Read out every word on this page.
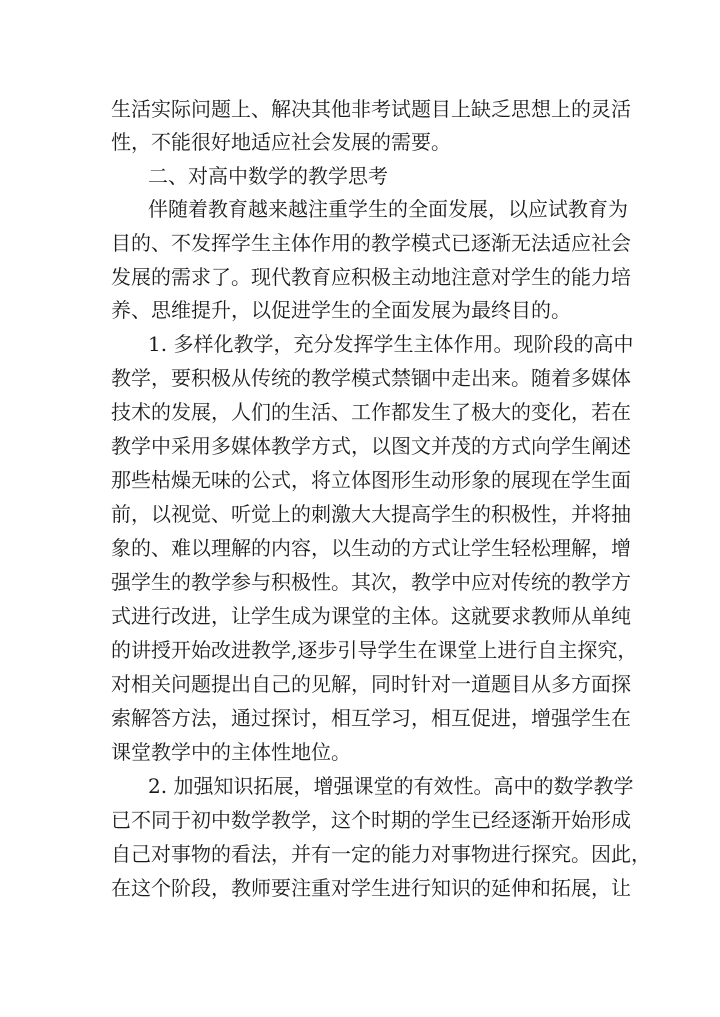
生活实际问题上、解决其他非考试题目上缺乏思想上的灵活
性，不能很好地适应社会发展的需要。
二、对高中数学的教学思考
伴随着教育越来越注重学生的全面发展，以应试教育为
目的、不发挥学生主体作用的教学模式已逐渐无法适应社会
发展的需求了。现代教育应积极主动地注意对学生的能力培
养、思维提升，以促进学生的全面发展为最终目的。
1. 多样化教学，充分发挥学生主体作用。现阶段的高中
教学，要积极从传统的教学模式禁锢中走出来。随着多媒体
技术的发展，人们的生活、工作都发生了极大的变化，若在
教学中采用多媒体教学方式，以图文并茂的方式向学生阐述
那些枯燥无味的公式，将立体图形生动形象的展现在学生面
前，以视觉、听觉上的刺激大大提高学生的积极性，并将抽
象的、难以理解的内容，以生动的方式让学生轻松理解，增
强学生的教学参与积极性。其次，教学中应对传统的教学方
式进行改进，让学生成为课堂的主体。这就要求教师从单纯
的讲授开始改进教学,逐步引导学生在课堂上进行自主探究，
对相关问题提出自己的见解，同时针对一道题目从多方面探
索解答方法，通过探讨，相互学习，相互促进，增强学生在
课堂教学中的主体性地位。
2. 加强知识拓展，增强课堂的有效性。高中的数学教学
已不同于初中数学教学，这个时期的学生已经逐渐开始形成
自己对事物的看法，并有一定的能力对事物进行探究。因此，
在这个阶段，教师要注重对学生进行知识的延伸和拓展，让
